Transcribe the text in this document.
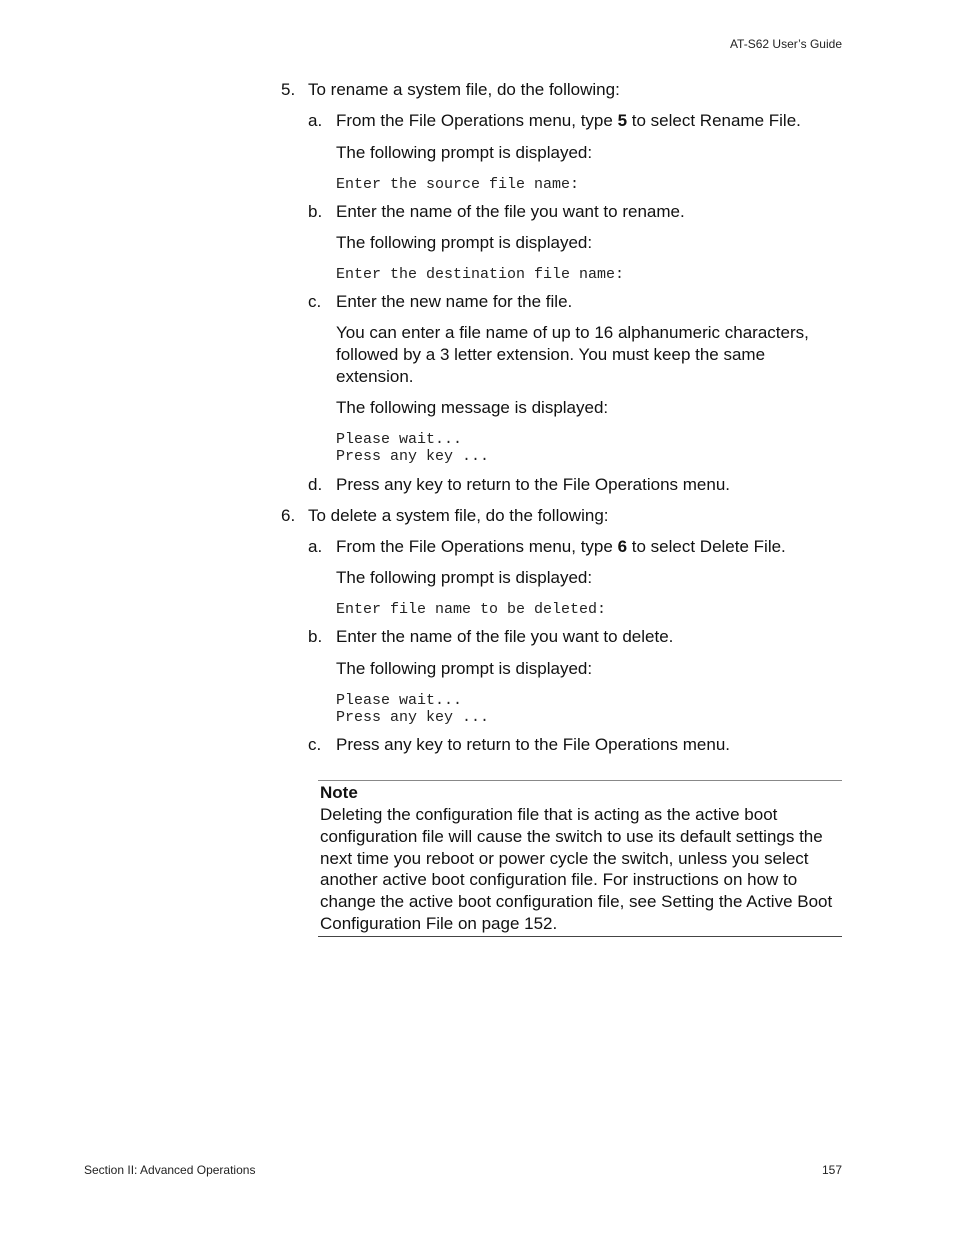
AT-S62 User’s Guide
5. To rename a system file, do the following:
a. From the File Operations menu, type 5 to select Rename File.
The following prompt is displayed:
Enter the source file name:
b. Enter the name of the file you want to rename.
The following prompt is displayed:
Enter the destination file name:
c. Enter the new name for the file.
You can enter a file name of up to 16 alphanumeric characters, followed by a 3 letter extension. You must keep the same extension.
The following message is displayed:
Please wait...
Press any key ...
d. Press any key to return to the File Operations menu.
6. To delete a system file, do the following:
a. From the File Operations menu, type 6 to select Delete File.
The following prompt is displayed:
Enter file name to be deleted:
b. Enter the name of the file you want to delete.
The following prompt is displayed:
Please wait...
Press any key ...
c. Press any key to return to the File Operations menu.
Note
Deleting the configuration file that is acting as the active boot configuration file will cause the switch to use its default settings the next time you reboot or power cycle the switch, unless you select another active boot configuration file. For instructions on how to change the active boot configuration file, see Setting the Active Boot Configuration File on page 152.
Section II: Advanced Operations	157
